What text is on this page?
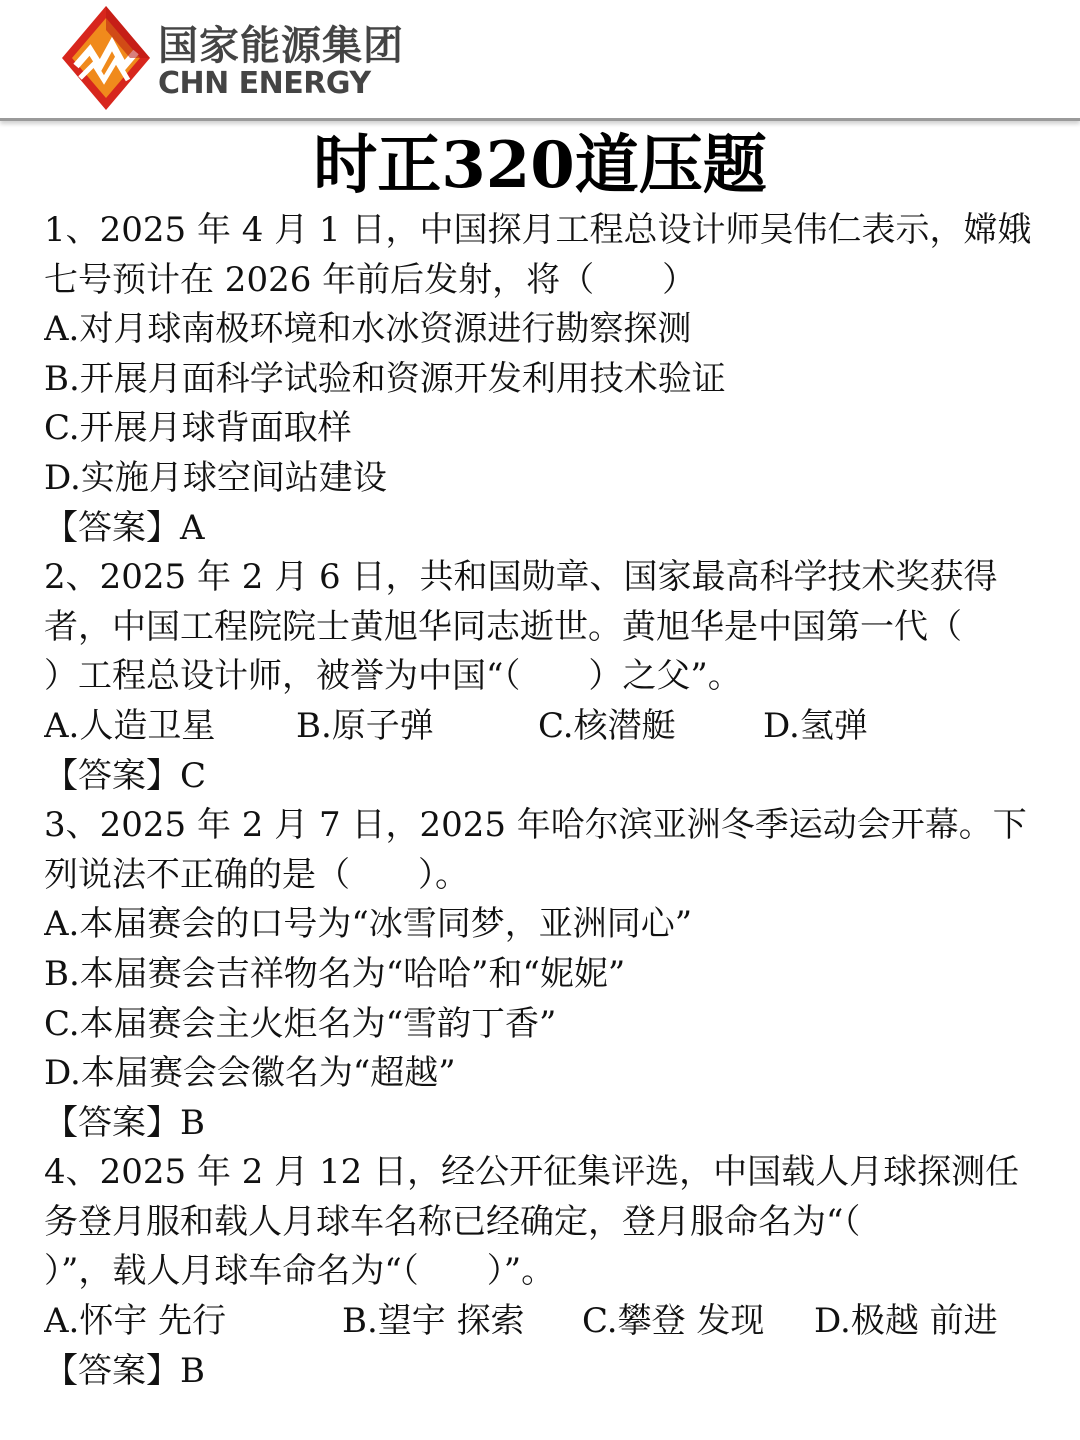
国家能源集团
CHN ENERGY
时正320道压题
1、2025 年 4 月 1 日，中国探月工程总设计师吴伟仁表示，嫦娥
七号预计在 2026 年前后发射，将（　　）
A.对月球南极环境和水冰资源进行勘察探测
B.开展月面科学试验和资源开发利用技术验证
C.开展月球背面取样
D.实施月球空间站建设
【答案】A
2、2025 年 2 月 6 日，共和国勋章、国家最高科学技术奖获得
者，中国工程院院士黄旭华同志逝世。黄旭华是中国第一代（
）工程总设计师，被誉为中国“（　　）之父”。
A.人造卫星	B.原子弹	C.核潜艇	D.氢弹
【答案】C
3、2025 年 2 月 7 日，2025 年哈尔滨亚洲冬季运动会开幕。下
列说法不正确的是（　　）。
A.本届赛会的口号为“冰雪同梦，亚洲同心”
B.本届赛会吉祥物名为“哈哈”和“妮妮”
C.本届赛会主火炬名为“雪韵丁香”
D.本届赛会会徽名为“超越”
【答案】B
4、2025 年 2 月 12 日，经公开征集评选，中国载人月球探测任
务登月服和载人月球车名称已经确定，登月服命名为“（
）”，载人月球车命名为“（　　）”。
A.怀宇 先行	B.望宇 探索	C.攀登 发现	D.极越 前进
【答案】B
